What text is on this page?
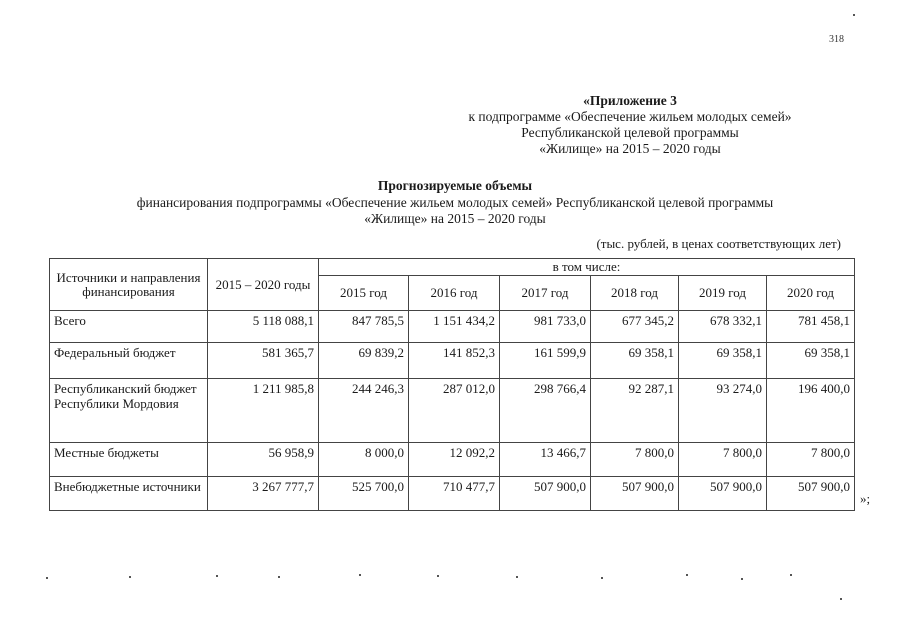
318
«Приложение 3
к подпрограмме «Обеспечение жильем молодых семей»
Республиканской целевой программы
«Жилище» на 2015 – 2020 годы
Прогнозируемые объемы
финансирования подпрограммы «Обеспечение жильем молодых семей» Республиканской целевой программы
«Жилище» на 2015 – 2020 годы
(тыс. рублей, в ценах соответствующих лет)
Источники и направления финансирования	2015 – 2020 годы	в том числе:					
		2015 год	2016 год	2017 год	2018 год	2019 год	2020 год
Всего	5 118 088,1	847 785,5	1 151 434,2	981 733,0	677 345,2	678 332,1	781 458,1
Федеральный бюджет	581 365,7	69 839,2	141 852,3	161 599,9	69 358,1	69 358,1	69 358,1
Республиканский бюджет Республики Мордовия	1 211 985,8	244 246,3	287 012,0	298 766,4	92 287,1	93 274,0	196 400,0
Местные бюджеты	56 958,9	8 000,0	12 092,2	13 466,7	7 800,0	7 800,0	7 800,0
Внебюджетные источники	3 267 777,7	525 700,0	710 477,7	507 900,0	507 900,0	507 900,0	507 900,0
»;
